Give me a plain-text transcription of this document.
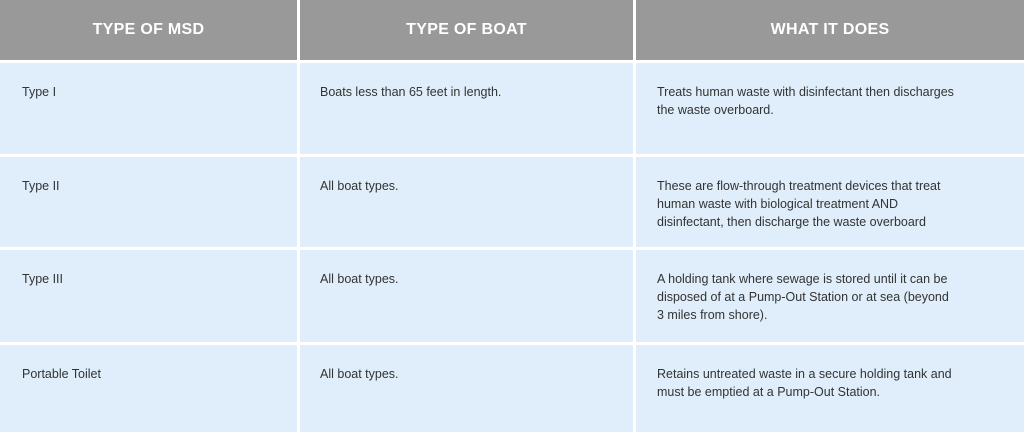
TYPE OF MSD	TYPE OF BOAT	WHAT IT DOES
Type I	Boats less than 65 feet in length.	Treats human waste with disinfectant then discharges the waste overboard.
Type II	All boat types.	These are flow-through treatment devices that treat human waste with biological treatment AND disinfectant, then discharge the waste overboard
Type III	All boat types.	A holding tank where sewage is stored until it can be disposed of at a Pump-Out Station or at sea (beyond 3 miles from shore).
Portable Toilet	All boat types.	Retains untreated waste in a secure holding tank and must be emptied at a Pump-Out Station.
